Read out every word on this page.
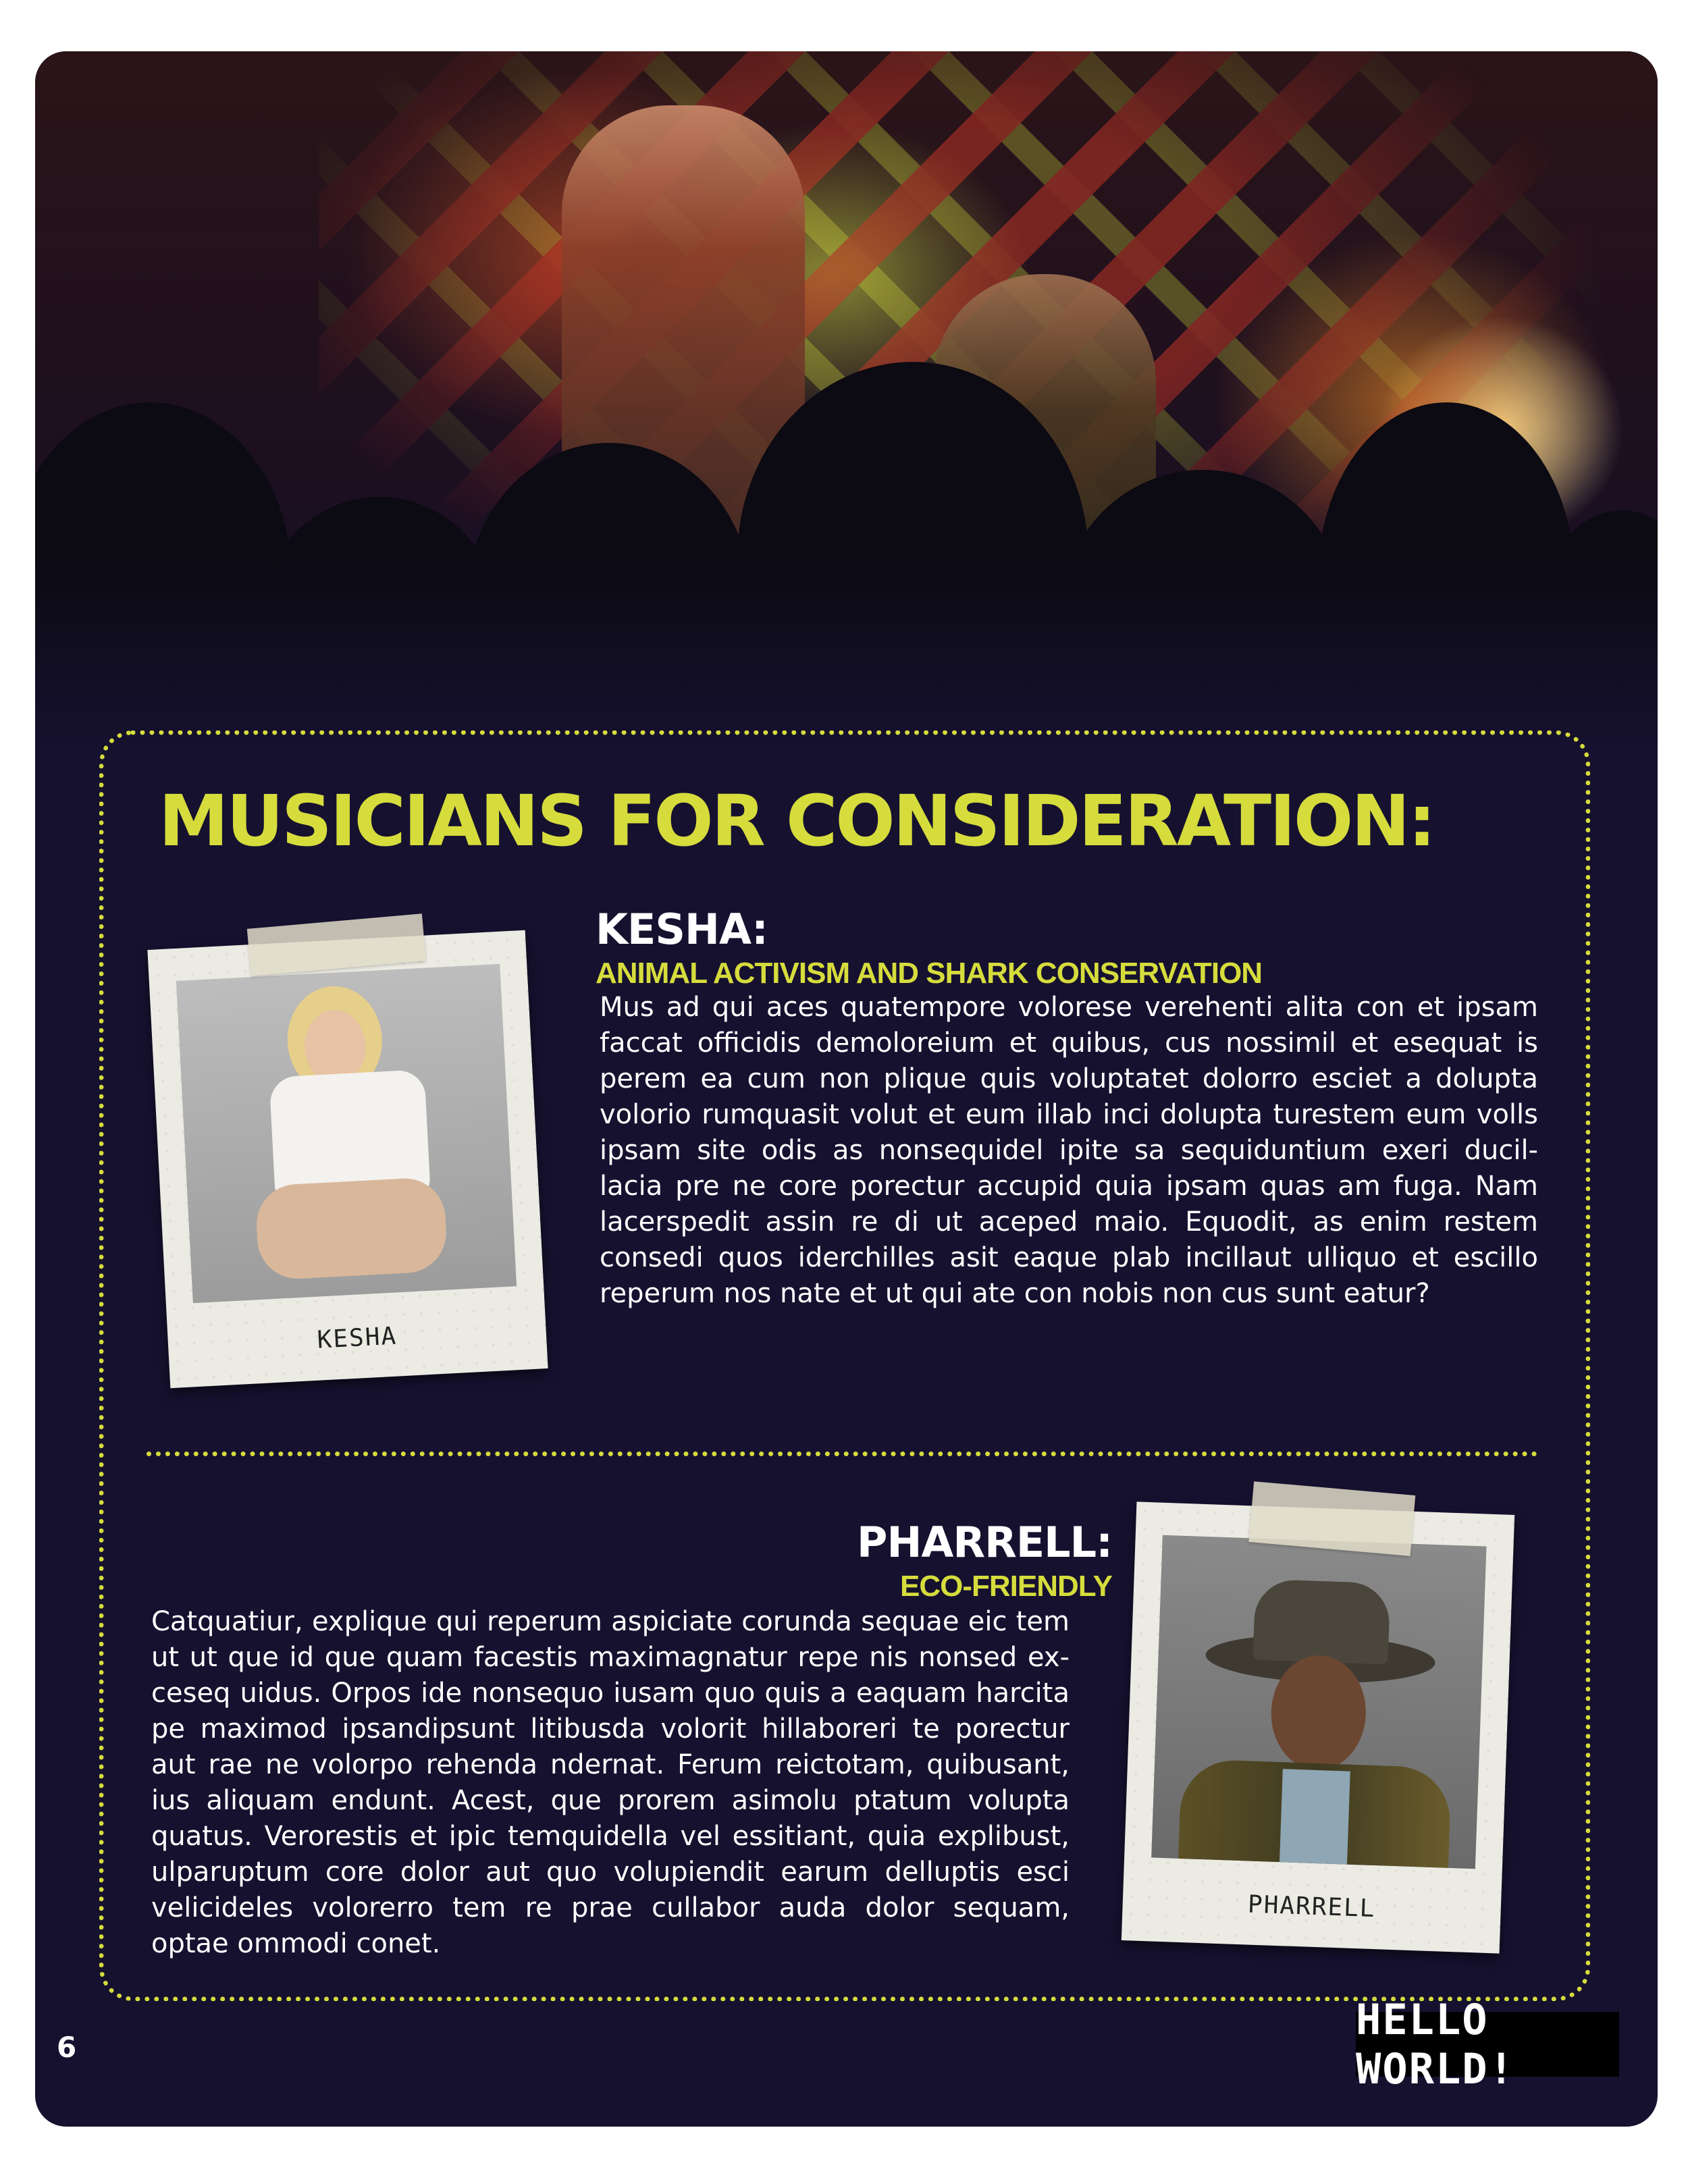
MUSICIANS FOR CONSIDERATION:
KESHA
KESHA:
ANIMAL ACTIVISM AND SHARK CONSERVATION
Mus ad qui aces quatempore volorese verehenti alita con et ipsam
faccat officidis demoloreium et quibus, cus nossimil et esequat is
perem ea cum non plique quis voluptatet dolorro esciet a dolupta
volorio rumquasit volut et eum illab inci dolupta turestem eum volls
ipsam site odis as nonsequidel ipite sa sequiduntium exeri ducil-
lacia pre ne core porectur accupid quia ipsam quas am fuga. Nam
lacerspedit assin re di ut aceped maio. Equodit, as enim restem
consedi quos iderchilles asit eaque plab incillaut ulliquo et escillo
reperum nos nate et ut qui ate con nobis non cus sunt eatur?
PHARRELL:
ECO-FRIENDLY
Catquatiur, explique qui reperum aspiciate corunda sequae eic tem
ut ut que id que quam facestis maximagnatur repe nis nonsed ex-
ceseq uidus. Orpos ide nonsequo iusam quo quis a eaquam harcita
pe maximod ipsandipsunt litibusda volorit hillaboreri te porectur
aut rae ne volorpo rehenda ndernat. Ferum reictotam, quibusant,
ius aliquam endunt. Acest, que prorem asimolu ptatum volupta
quatus. Verorestis et ipic temquidella vel essitiant, quia explibust,
ulparuptum core dolor aut quo volupiendit earum delluptis esci
velicideles volorerro tem re prae cullabor auda dolor sequam,
optae ommodi conet.
PHARRELL

6

HELLO WORLD!
